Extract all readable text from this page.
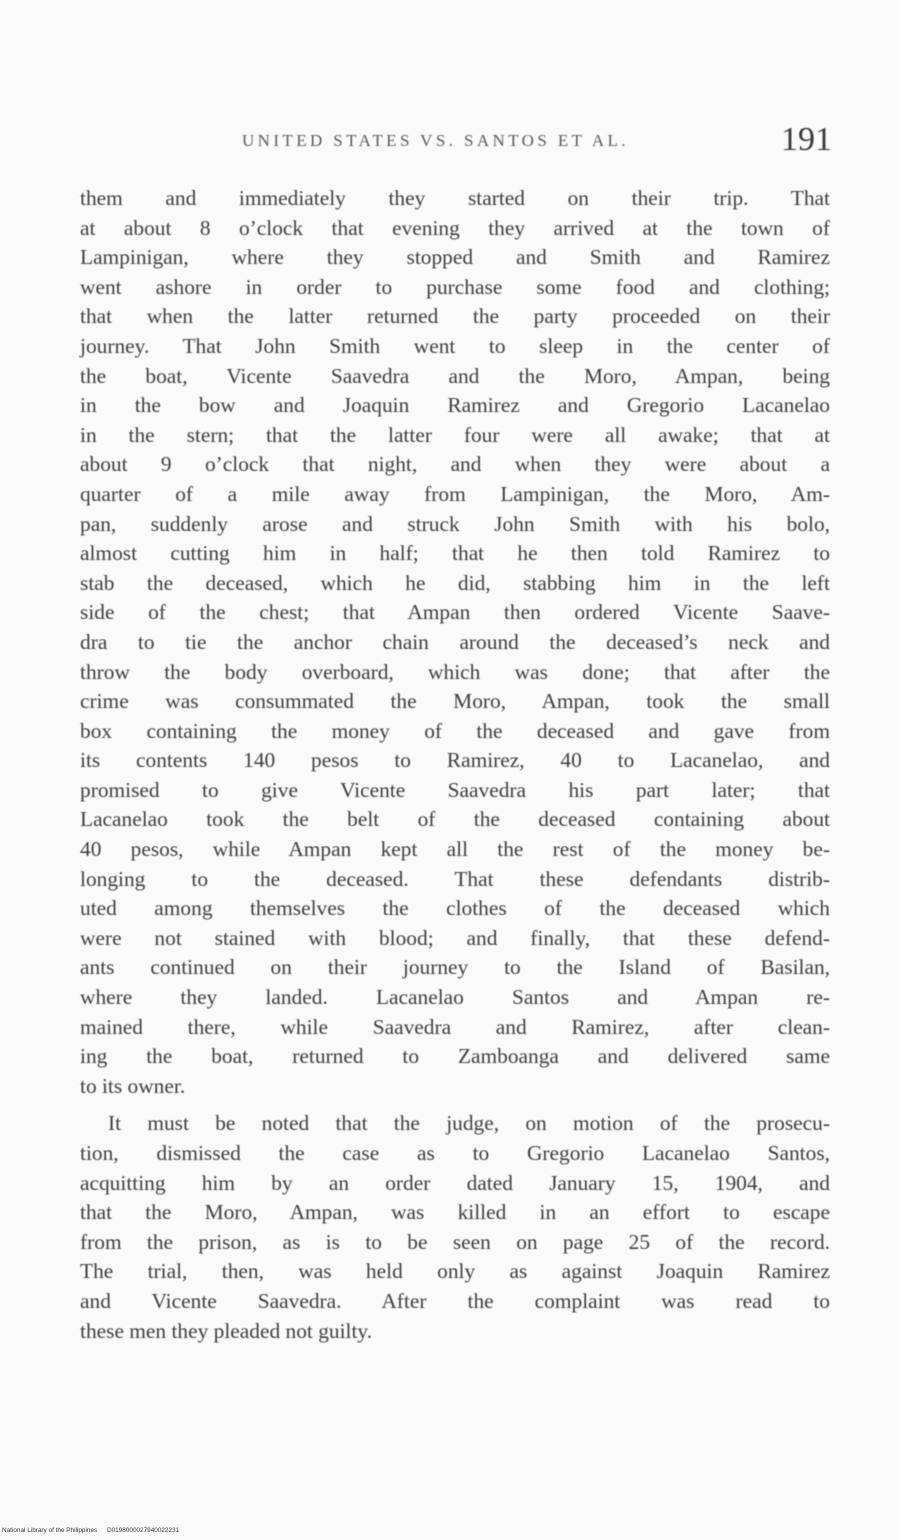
UNITED STATES VS. SANTOS ET AL.	191
them and immediately they started on their trip. That
at about 8 o’clock that evening they arrived at the town of
Lampinigan, where they stopped and Smith and Ramirez
went ashore in order to purchase some food and clothing;
that when the latter returned the party proceeded on their
journey. That John Smith went to sleep in the center of
the boat, Vicente Saavedra and the Moro, Ampan, being
in the bow and Joaquin Ramirez and Gregorio Lacanelao
in the stern; that the latter four were all awake; that at
about 9 o’clock that night, and when they were about a
quarter of a mile away from Lampinigan, the Moro, Am-
pan, suddenly arose and struck John Smith with his bolo,
almost cutting him in half; that he then told Ramirez to
stab the deceased, which he did, stabbing him in the left
side of the chest; that Ampan then ordered Vicente Saave-
dra to tie the anchor chain around the deceased’s neck and
throw the body overboard, which was done; that after the
crime was consummated the Moro, Ampan, took the small
box containing the money of the deceased and gave from
its contents 140 pesos to Ramirez, 40 to Lacanelao, and
promised to give Vicente Saavedra his part later; that
Lacanelao took the belt of the deceased containing about
40 pesos, while Ampan kept all the rest of the money be-
longing to the deceased. That these defendants distrib-
uted among themselves the clothes of the deceased which
were not stained with blood; and finally, that these defend-
ants continued on their journey to the Island of Basilan,
where they landed. Lacanelao Santos and Ampan re-
mained there, while Saavedra and Ramirez, after clean-
ing the boat, returned to Zamboanga and delivered same
to its owner.
It must be noted that the judge, on motion of the prosecu-
tion, dismissed the case as to Gregorio Lacanelao Santos,
acquitting him by an order dated January 15, 1904, and
that the Moro, Ampan, was killed in an effort to escape
from the prison, as is to be seen on page 25 of the record.
The trial, then, was held only as against Joaquin Ramirez
and Vicente Saavedra. After the complaint was read to
these men they pleaded not guilty.
National Library of the Philippines D0198000027940022231
